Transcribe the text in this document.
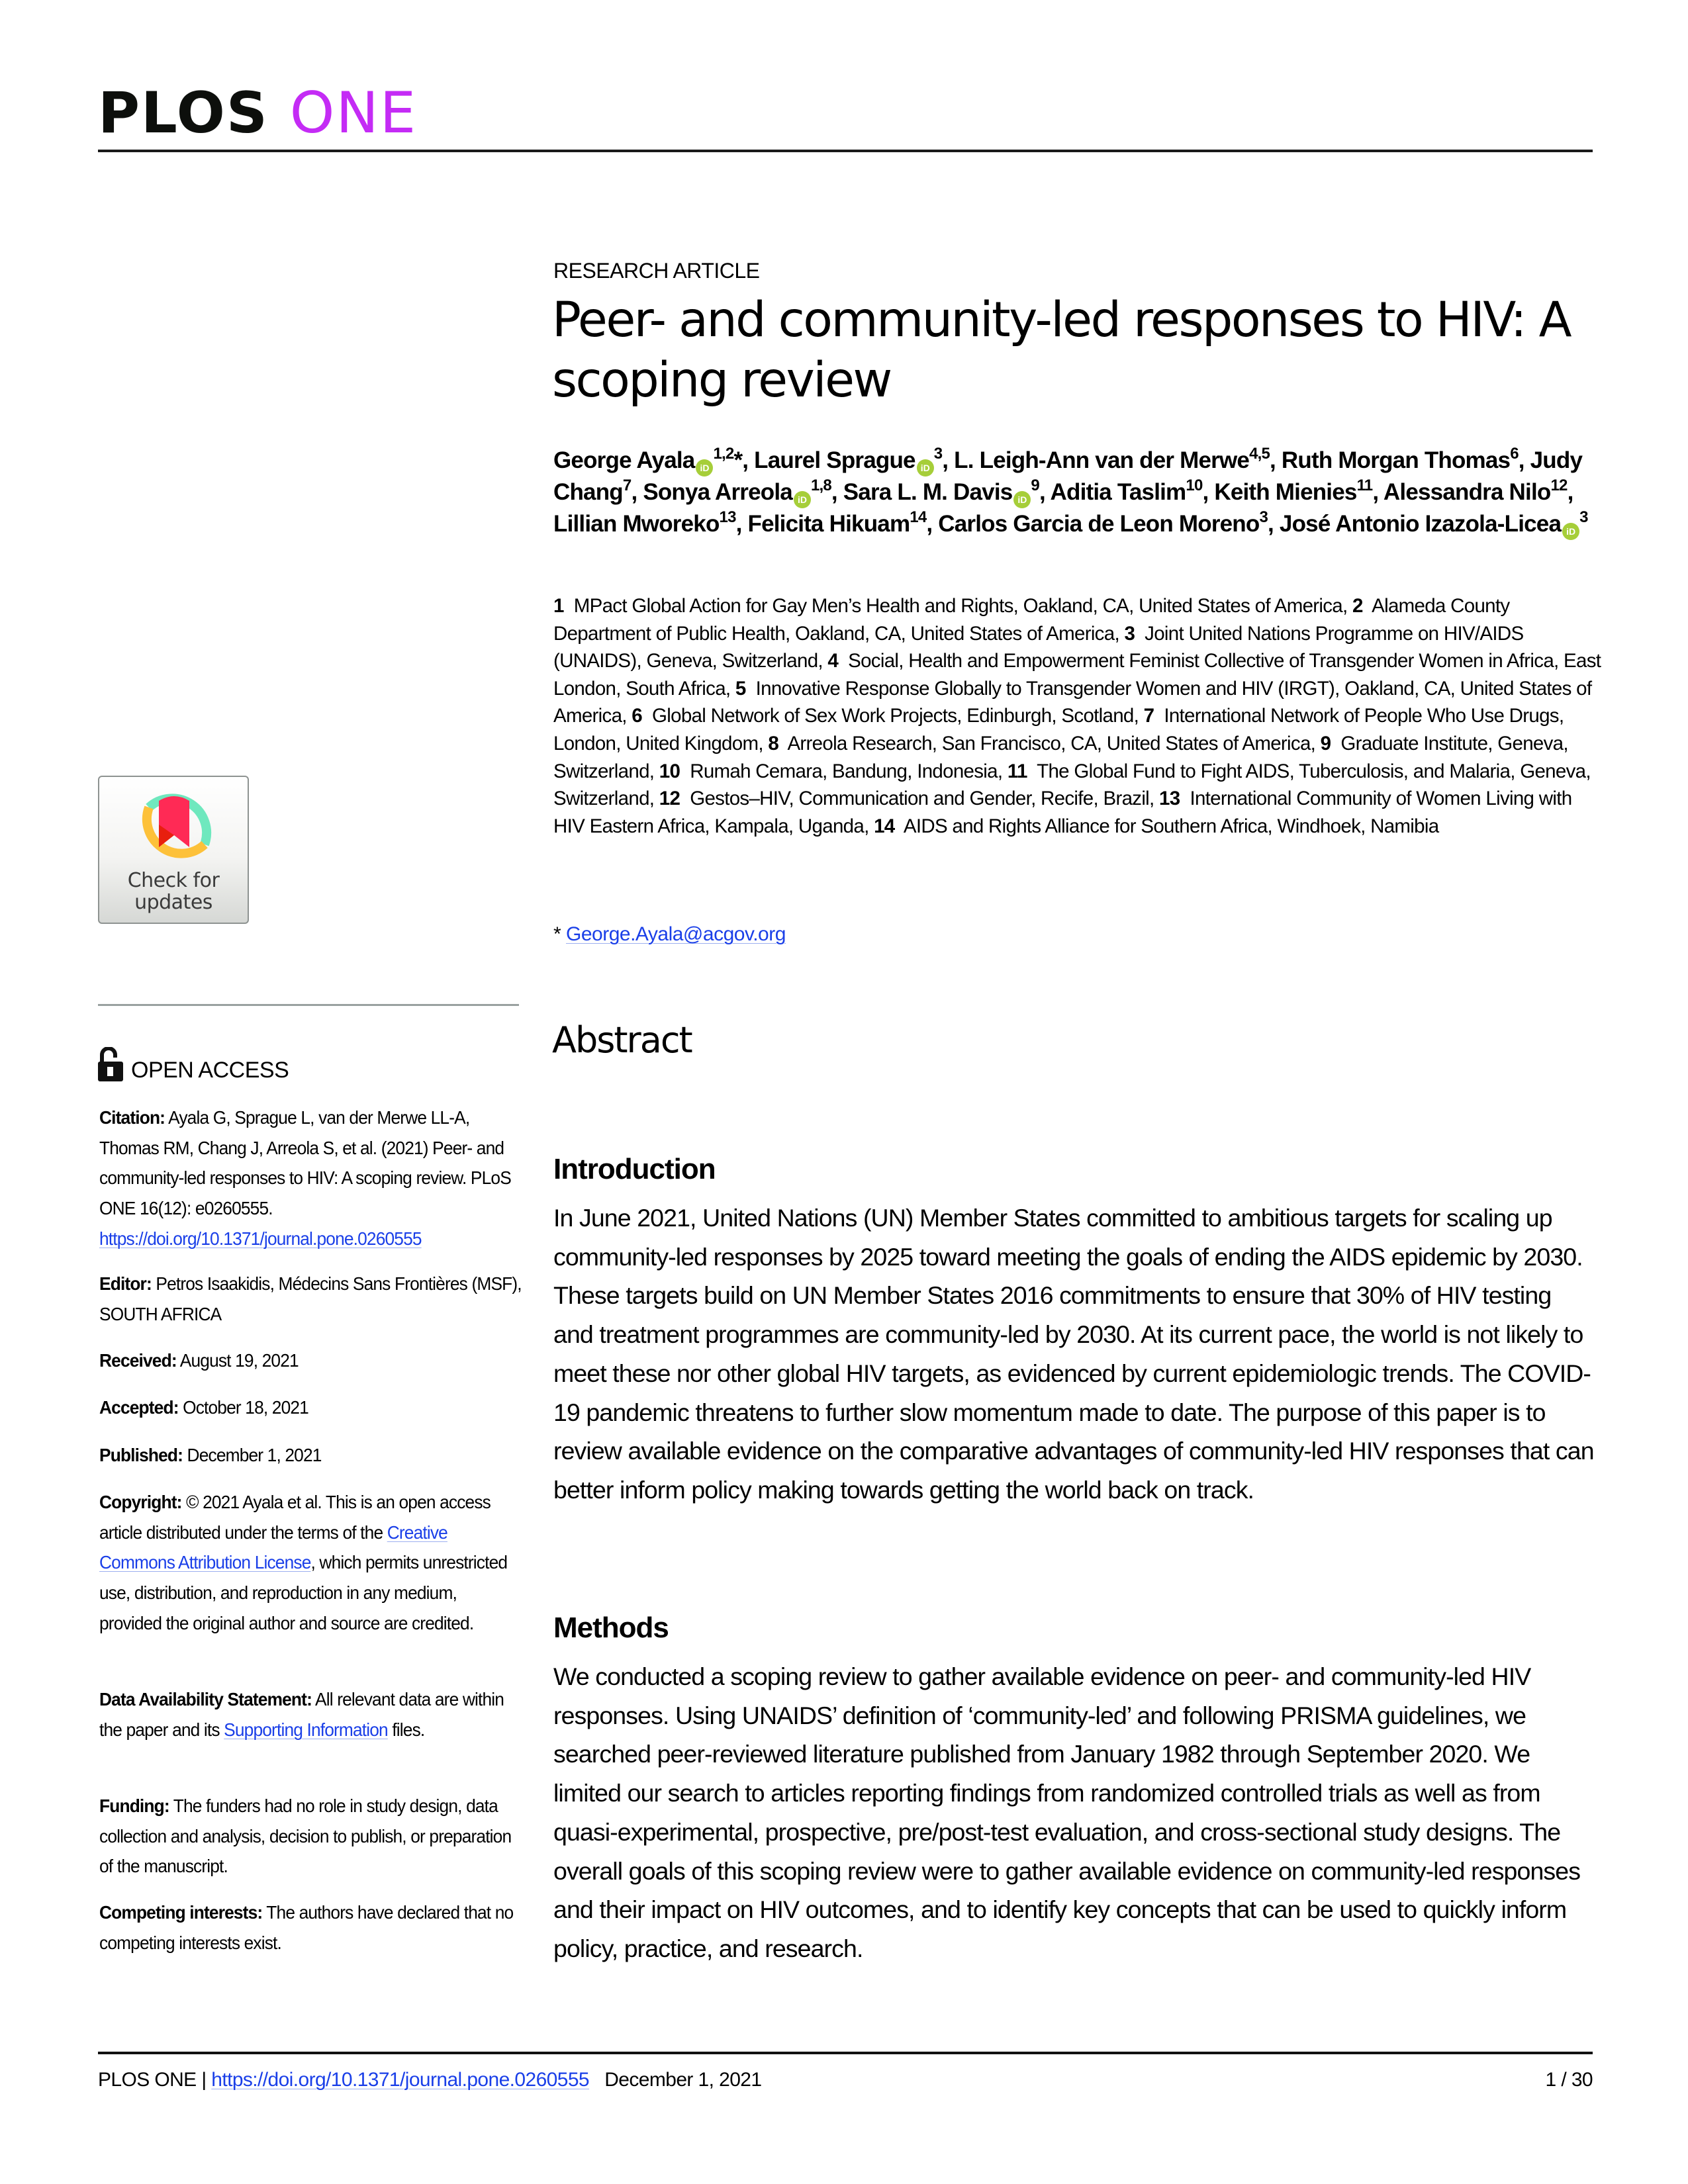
PLOS ONE
RESEARCH ARTICLE
Peer- and community-led responses to HIV: A scoping review
George Ayala iD$^{1,2}$*, Laurel Sprague $iD^3$, L. Leigh-Ann van der Merwe$^{4,5}$, Ruth Morgan Thomas$^6$, Judy Chang$^7$, Sonya Arreola iD$^{1,8}$, Sara L. M. Davis $iD^9$, Aditia Taslim$^{10}$, Keith Mienies$^{11}$, Alessandra Nilo$^{12}$, Lillian Mworeko$^{13}$, Felicita Hikuam$^{14}$, Carlos Garcia de Leon Moreno$^3$, José Antonio Izazola-Licea $iD^3$
1 MPact Global Action for Gay Men’s Health and Rights, Oakland, CA, United States of America, 2 Alameda County Department of Public Health, Oakland, CA, United States of America, 3 Joint United Nations Programme on HIV/AIDS (UNAIDS), Geneva, Switzerland, 4 Social, Health and Empowerment Feminist Collective of Transgender Women in Africa, East London, South Africa, 5 Innovative Response Globally to Transgender Women and HIV (IRGT), Oakland, CA, United States of America, 6 Global Network of Sex Work Projects, Edinburgh, Scotland, 7 International Network of People Who Use Drugs, London, United Kingdom, 8 Arreola Research, San Francisco, CA, United States of America, 9 Graduate Institute, Geneva, Switzerland, 10 Rumah Cemara, Bandung, Indonesia, 11 The Global Fund to Fight AIDS, Tuberculosis, and Malaria, Geneva, Switzerland, 12 Gestos–HIV, Communication and Gender, Recife, Brazil, 13 International Community of Women Living with HIV Eastern Africa, Kampala, Uganda, 14 AIDS and Rights Alliance for Southern Africa, Windhoek, Namibia
* George.Ayala@acgov.org
Abstract
Introduction
In June 2021, United Nations (UN) Member States committed to ambitious targets for scaling up community-led responses by 2025 toward meeting the goals of ending the AIDS epidemic by 2030. These targets build on UN Member States 2016 commitments to ensure that 30% of HIV testing and treatment programmes are community-led by 2030. At its current pace, the world is not likely to meet these nor other global HIV targets, as evidenced by current epidemiologic trends. The COVID-19 pandemic threatens to further slow momentum made to date. The purpose of this paper is to review available evidence on the comparative advantages of community-led HIV responses that can better inform policy making towards getting the world back on track.
Methods
We conducted a scoping review to gather available evidence on peer- and community-led HIV responses. Using UNAIDS’ definition of ‘community-led’ and following PRISMA guidelines, we searched peer-reviewed literature published from January 1982 through September 2020. We limited our search to articles reporting findings from randomized controlled trials as well as from quasi-experimental, prospective, pre/post-test evaluation, and cross-sectional study designs. The overall goals of this scoping review were to gather available evidence on community-led responses and their impact on HIV outcomes, and to identify key concepts that can be used to quickly inform policy, practice, and research.
Check for
updates
OPEN ACCESS
Citation: Ayala G, Sprague L, van der Merwe LL-A, Thomas RM, Chang J, Arreola S, et al. (2021) Peer- and community-led responses to HIV: A scoping review. PLoS ONE 16(12): e0260555.
https://doi.org/10.1371/journal.pone.0260555
Editor: Petros Isaakidis, Médecins Sans Frontières (MSF), SOUTH AFRICA
Received: August 19, 2021
Accepted: October 18, 2021
Published: December 1, 2021
Copyright: © 2021 Ayala et al. This is an open access article distributed under the terms of the Creative Commons Attribution License, which permits unrestricted use, distribution, and reproduction in any medium, provided the original author and source are credited.
Data Availability Statement: All relevant data are within the paper and its Supporting Information files.
Funding: The funders had no role in study design, data collection and analysis, decision to publish, or preparation of the manuscript.
Competing interests: The authors have declared that no competing interests exist.
PLOS ONE |
https://doi.org/10.1371/journal.pone.0260555
December 1, 2021	1 / 30
